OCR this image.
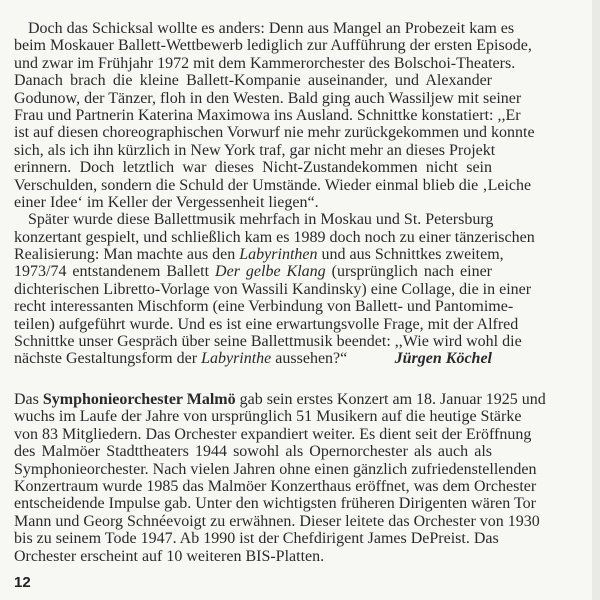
Doch das Schicksal wollte es anders: Denn aus Mangel an Probezeit kam es
beim Moskauer Ballett-Wettbewerb lediglich zur Aufführung der ersten Episode,
und zwar im Frühjahr 1972 mit dem Kammerorchester des Bolschoi-Theaters.
Danach brach die kleine Ballett-Kompanie auseinander, und Alexander
Godunow, der Tänzer, floh in den Westen. Bald ging auch Wassiljew mit seiner
Frau und Partnerin Katerina Maximowa ins Ausland. Schnittke konstatiert: ,,Er
ist auf diesen choreographischen Vorwurf nie mehr zurückgekommen und konnte
sich, als ich ihn kürzlich in New York traf, gar nicht mehr an dieses Projekt
erinnern. Doch letztlich war dieses Nicht-Zustandekommen nicht sein
Verschulden, sondern die Schuld der Umstände. Wieder einmal blieb die ‚Leiche
einer Idee‘ im Keller der Vergessenheit liegen“.
Später wurde diese Ballettmusik mehrfach in Moskau und St. Petersburg
konzertant gespielt, und schließlich kam es 1989 doch noch zu einer tänzerischen
Realisierung: Man machte aus den Labyrinthen und aus Schnittkes zweitem,
1973/74 entstandenem Ballett Der gelbe Klang (ursprünglich nach einer
dichterischen Libretto-Vorlage von Wassili Kandinsky) eine Collage, die in einer
recht interessanten Mischform (eine Verbindung von Ballett- und Pantomime-
teilen) aufgeführt wurde. Und es ist eine erwartungsvolle Frage, mit der Alfred
Schnittke unser Gespräch über seine Ballettmusik beendet: ,,Wie wird wohl die
nächste Gestaltungsform der Labyrinthe aussehen?“	Jürgen Köchel
Das Symphonieorchester Malmö gab sein erstes Konzert am 18. Januar 1925 und
wuchs im Laufe der Jahre von ursprünglich 51 Musikern auf die heutige Stärke
von 83 Mitgliedern. Das Orchester expandiert weiter. Es dient seit der Eröffnung
des Malmöer Stadttheaters 1944 sowohl als Opernorchester als auch als
Symphonieorchester. Nach vielen Jahren ohne einen gänzlich zufriedenstellenden
Konzertraum wurde 1985 das Malmöer Konzerthaus eröffnet, was dem Orchester
entscheidende Impulse gab. Unter den wichtigsten früheren Dirigenten wären Tor
Mann und Georg Schnéevoigt zu erwähnen. Dieser leitete das Orchester von 1930
bis zu seinem Tode 1947. Ab 1990 ist der Chefdirigent James DePreist. Das
Orchester erscheint auf 10 weiteren BIS-Platten.
12
